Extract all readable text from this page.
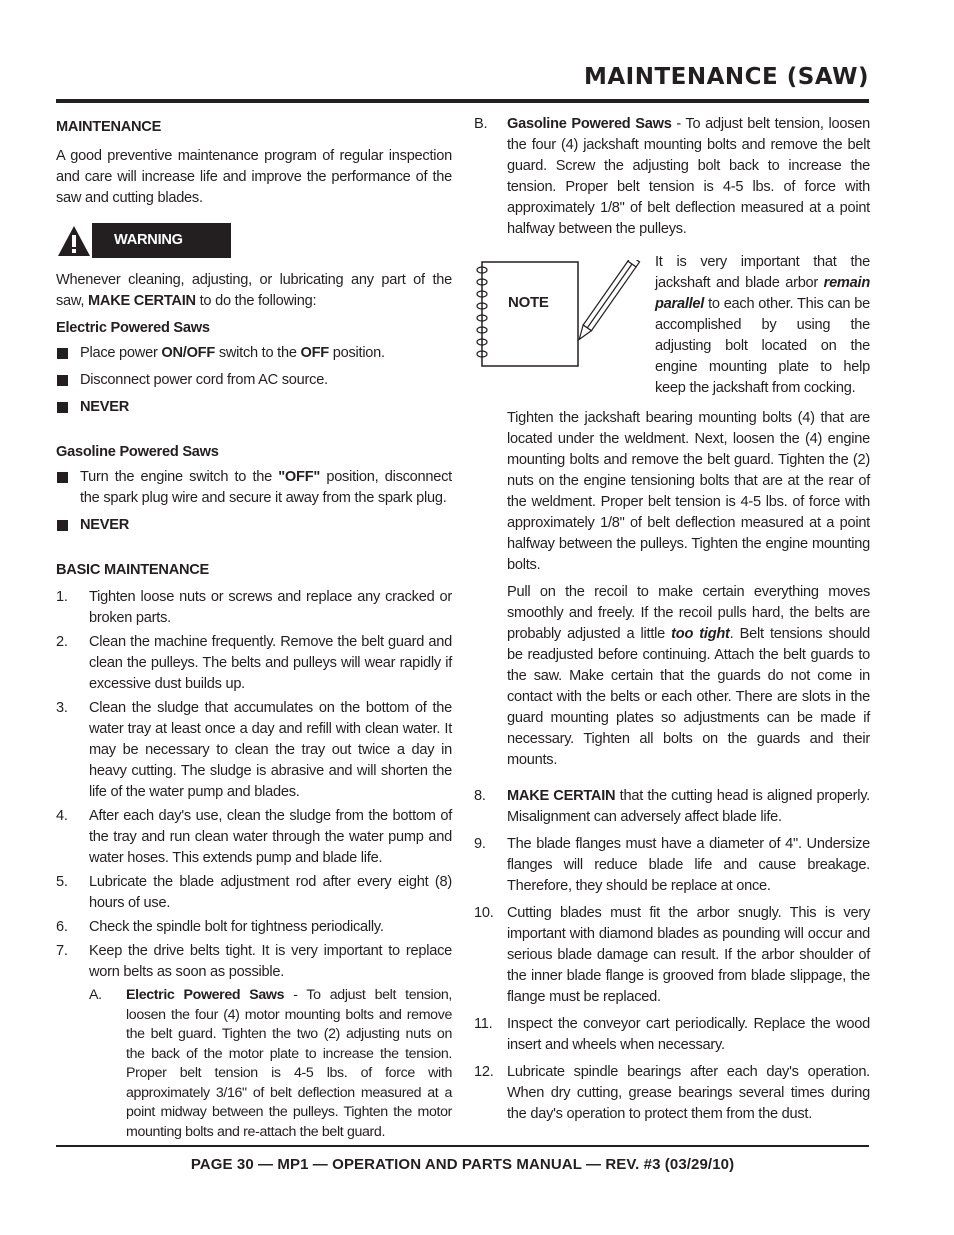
MAINTENANCE (SAW)

MAINTENANCE

A good preventive maintenance program of regular inspection and care will increase life and improve the performance of the saw and cutting blades.

WARNING

Whenever cleaning, adjusting, or lubricating any part of the saw, MAKE CERTAIN to do the following:

Electric Powered Saws

Place power ON/OFF switch to the OFF position.
Disconnect power cord from AC source.
NEVER

Gasoline Powered Saws

Turn the engine switch to the "OFF" position, disconnect the spark plug wire and secure it away from the spark plug.
NEVER

BASIC MAINTENANCE

1.	Tighten loose nuts or screws and replace any cracked or broken parts.
2.	Clean the machine frequently. Remove the belt guard and clean the pulleys. The belts and pulleys will wear rapidly if excessive dust builds up.
3.	Clean the sludge that accumulates on the bottom of the water tray at least once a day and refill with clean water. It may be necessary to clean the tray out twice a day in heavy cutting. The sludge is abrasive and will shorten the life of the water pump and blades.
4.	After each day's use, clean the sludge from the bottom of the tray and run clean water through the water pump and water hoses. This extends pump and blade life.
5.	Lubricate the blade adjustment rod after every eight (8) hours of use.
6.	Check the spindle bolt for tightness periodically.
7.	Keep the drive belts tight. It is very important to replace worn belts as soon as possible.
A.	Electric Powered Saws - To adjust belt tension, loosen the four (4) motor mounting bolts and remove the belt guard. Tighten the two (2) adjusting nuts on the back of the motor plate to increase the tension. Proper belt tension is 4-5 lbs. of force with approximately 3/16" of belt deflection measured at a point midway between the pulleys. Tighten the motor mounting bolts and re-attach the belt guard.
B.	Gasoline Powered Saws - To adjust belt tension, loosen the four (4) jackshaft mounting bolts and remove the belt guard. Screw the adjusting bolt back to increase the tension. Proper belt tension is 4-5 lbs. of force with approximately 1/8" of belt deflection measured at a point halfway between the pulleys.
NOTE

It is very important that the jackshaft and blade arbor remain parallel to each other. This can be accomplished by using the adjusting bolt located on the engine mounting plate to help keep the jackshaft from cocking.

Tighten the jackshaft bearing mounting bolts (4) that are located under the weldment. Next, loosen the (4) engine mounting bolts and remove the belt guard. Tighten the (2) nuts on the engine tensioning bolts that are at the rear of the weldment. Proper belt tension is 4-5 lbs. of force with approximately 1/8" of belt deflection measured at a point halfway between the pulleys. Tighten the engine mounting bolts.

Pull on the recoil to make certain everything moves smoothly and freely. If the recoil pulls hard, the belts are probably adjusted a little too tight. Belt tensions should be readjusted before continuing. Attach the belt guards to the saw. Make certain that the guards do not come in contact with the belts or each other. There are slots in the guard mounting plates so adjustments can be made if necessary. Tighten all bolts on the guards and their mounts.

8.	MAKE CERTAIN that the cutting head is aligned properly. Misalignment can adversely affect blade life.
9.	The blade flanges must have a diameter of 4". Undersize flanges will reduce blade life and cause breakage. Therefore, they should be replace at once.
10. Cutting blades must fit the arbor snugly. This is very important with diamond blades as pounding will occur and serious blade damage can result. If the arbor shoulder of the inner blade flange is grooved from blade slippage, the flange must be replaced.
11. Inspect the conveyor cart periodically. Replace the wood insert and wheels when necessary.
12. Lubricate spindle bearings after each day's operation. When dry cutting, grease bearings several times during the day's operation to protect them from the dust.
PAGE 30 — MP1 — OPERATION AND PARTS MANUAL — REV. #3 (03/29/10)
